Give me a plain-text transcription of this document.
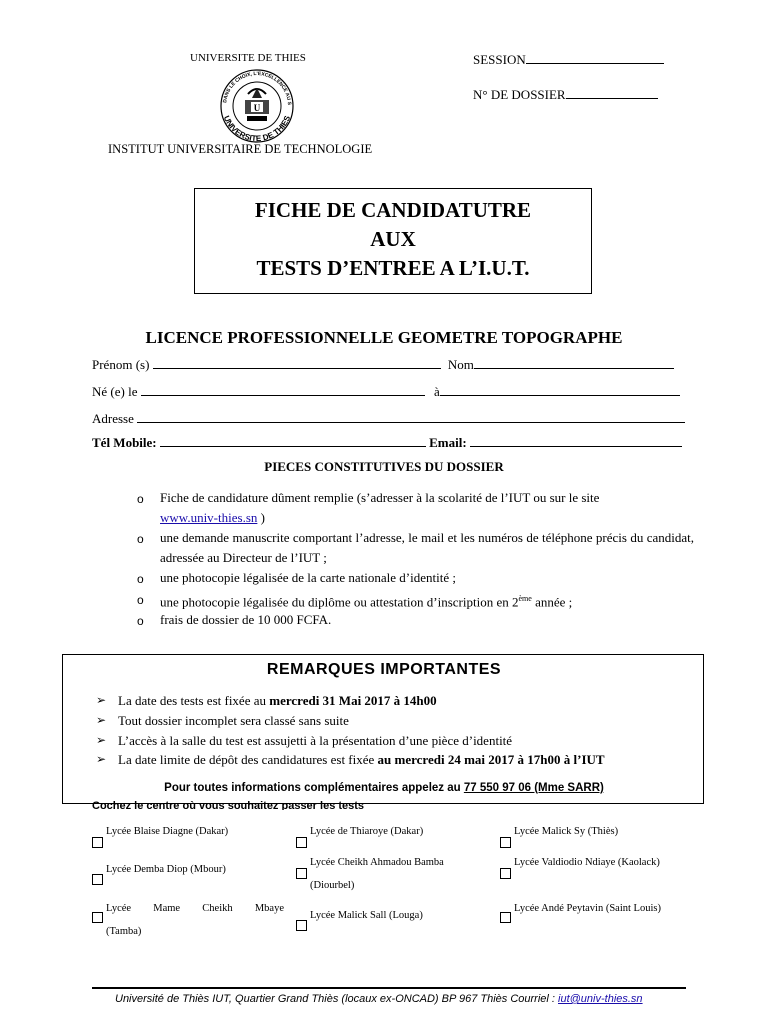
UNIVERSITE DE THIES
DANS LE CHOIX, L'EXCELLENCE AU S
UNIVERSITE DE THIES
U
INSTITUT UNIVERSITAIRE DE TECHNOLOGIE
SESSION
N° DE DOSSIER
FICHE DE CANDIDATUTRE
AUX
TESTS D’ENTREE A L’I.U.T.
LICENCE PROFESSIONNELLE GEOMETRE TOPOGRAPHE
Prénom (s)	Nom
Né (e) le	à
Adresse
Tél Mobile:	Email:
PIECES CONSTITUTIVES DU DOSSIER
o Fiche de candidature dûment remplie (s’adresser à la scolarité de l’IUT ou sur le site
www.univ-thies.sn )
o une demande manuscrite comportant l’adresse, le mail et les numéros de téléphone précis du candidat, adressée au Directeur de l’IUT ;
o une photocopie légalisée de la carte nationale d’identité ;
o une photocopie légalisée du diplôme ou attestation d’inscription en 2ème année ;
o frais de dossier de 10 000 FCFA.
REMARQUES IMPORTANTES
➢ La date des tests est fixée au mercredi 31 Mai 2017 à 14h00
➢ Tout dossier incomplet sera classé sans suite
➢ L’accès à la salle du test est assujetti à la présentation d’une pièce d’identité
➢ La date limite de dépôt des candidatures est fixée au mercredi 24 mai 2017 à 17h00 à l’IUT
Pour toutes informations complémentaires appelez au 77 550 97 06 (Mme SARR)
Cochez le centre où vous souhaitez passer les tests
Lycée Blaise Diagne (Dakar)	Lycée de Thiaroye (Dakar)	Lycée Malick Sy (Thiès)
Lycée Demba Diop (Mbour)
Lycée Cheikh Ahmadou Bamba (Diourbel)
Lycée Valdiodio Ndiaye (Kaolack)
Lycée Mame Cheikh Mbaye (Tamba)
Lycée Malick Sall (Louga)
Lycée Andé Peytavin (Saint Louis)
Université de Thiès IUT, Quartier Grand Thiès (locaux ex-ONCAD) BP 967 Thiès Courriel : iut@univ-thies.sn
